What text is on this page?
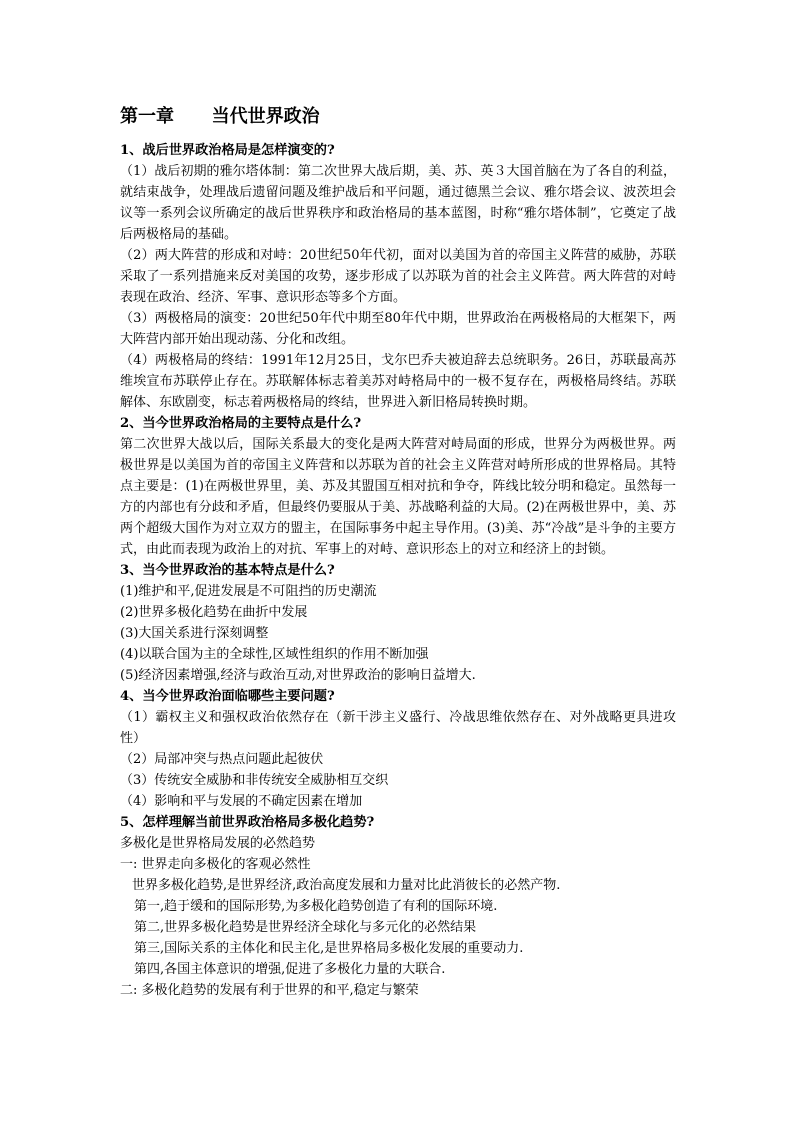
第一章      当代世界政治
1、战后世界政治格局是怎样演变的?
（1）战后初期的雅尔塔体制：第二次世界大战后期，美、苏、英３大国首脑在为了各自的利益，就结束战争，处理战后遗留问题及维护战后和平问题，通过德黑兰会议、雅尔塔会议、波茨坦会议等一系列会议所确定的战后世界秩序和政治格局的基本蓝图，时称“雅尔塔体制”，它奠定了战后两极格局的基础。
（2）两大阵营的形成和对峙：20世纪50年代初，面对以美国为首的帝国主义阵营的威胁，苏联采取了一系列措施来反对美国的攻势，逐步形成了以苏联为首的社会主义阵营。两大阵营的对峙表现在政治、经济、军事、意识形态等多个方面。
（3）两极格局的演变：20世纪50年代中期至80年代中期，世界政治在两极格局的大框架下，两大阵营内部开始出现动荡、分化和改组。
（4）两极格局的终结：1991年12月25日，戈尔巴乔夫被迫辞去总统职务。26日，苏联最高苏维埃宣布苏联停止存在。苏联解体标志着美苏对峙格局中的一极不复存在，两极格局终结。苏联解体、东欧剧变，标志着两极格局的终结，世界进入新旧格局转换时期。
2、当今世界政治格局的主要特点是什么?
第二次世界大战以后，国际关系最大的变化是两大阵营对峙局面的形成，世界分为两极世界。两极世界是以美国为首的帝国主义阵营和以苏联为首的社会主义阵营对峙所形成的世界格局。其特点主要是：(1)在两极世界里，美、苏及其盟国互相对抗和争夺，阵线比较分明和稳定。虽然每一方的内部也有分歧和矛盾，但最终仍要服从于美、苏战略利益的大局。(2)在两极世界中，美、苏两个超级大国作为对立双方的盟主，在国际事务中起主导作用。(3)美、苏“冷战”是斗争的主要方式，由此而表现为政治上的对抗、军事上的对峙、意识形态上的对立和经济上的封锁。
3、当今世界政治的基本特点是什么?
(1)维护和平,促进发展是不可阻挡的历史潮流
(2)世界多极化趋势在曲折中发展
(3)大国关系进行深刻调整
(4)以联合国为主的全球性,区域性组织的作用不断加强
(5)经济因素增强,经济与政治互动,对世界政治的影响日益增大.
4、当今世界政治面临哪些主要问题?
（1）霸权主义和强权政治依然存在（新干涉主义盛行、冷战思维依然存在、对外战略更具进攻性）
（2）局部冲突与热点问题此起彼伏
（3）传统安全威胁和非传统安全威胁相互交织
（4）影响和平与发展的不确定因素在增加
5、怎样理解当前世界政治格局多极化趋势?
多极化是世界格局发展的必然趋势
一: 世界走向多极化的客观必然性
世界多极化趋势,是世界经济,政治高度发展和力量对比此消彼长的必然产物.
第一,趋于缓和的国际形势,为多极化趋势创造了有利的国际环境.
第二,世界多极化趋势是世界经济全球化与多元化的必然结果
第三,国际关系的主体化和民主化,是世界格局多极化发展的重要动力.
第四,各国主体意识的增强,促进了多极化力量的大联合.
二: 多极化趋势的发展有利于世界的和平,稳定与繁荣
